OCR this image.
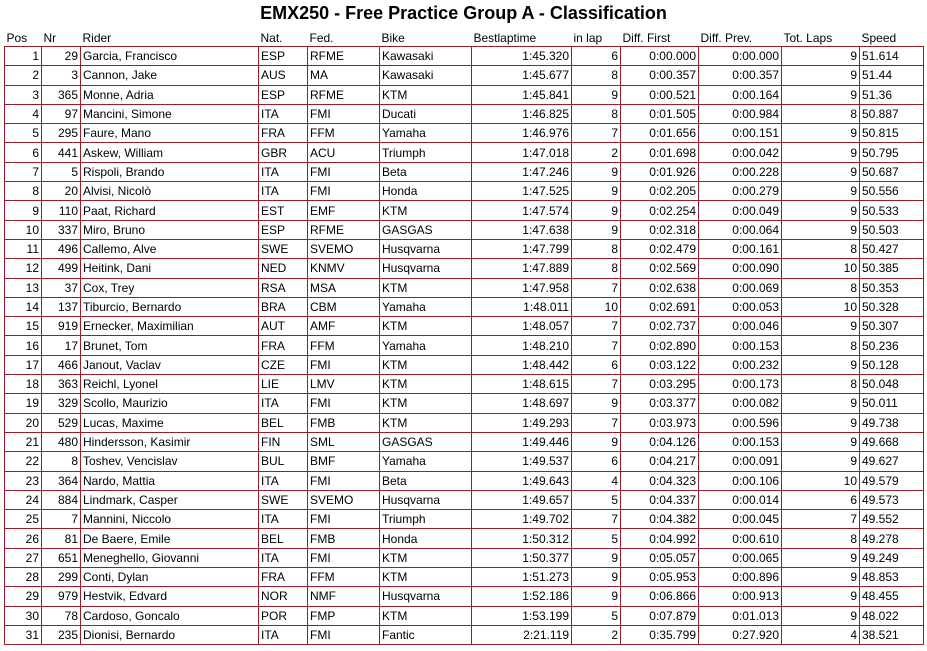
EMX250 - Free Practice Group A - Classification
Pos	Nr	Rider	Nat.	Fed.	Bike	Bestlaptime	in lap	Diff. First	Diff. Prev.	Tot. Laps	Speed
1	29	Garcia, Francisco	ESP	RFME	Kawasaki	1:45.320	6	0:00.000	0:00.000	9	51.614
2	3	Cannon, Jake	AUS	MA	Kawasaki	1:45.677	8	0:00.357	0:00.357	9	51.44
3	365	Monne, Adria	ESP	RFME	KTM	1:45.841	9	0:00.521	0:00.164	9	51.36
4	97	Mancini, Simone	ITA	FMI	Ducati	1:46.825	8	0:01.505	0:00.984	8	50.887
5	295	Faure, Mano	FRA	FFM	Yamaha	1:46.976	7	0:01.656	0:00.151	9	50.815
6	441	Askew, William	GBR	ACU	Triumph	1:47.018	2	0:01.698	0:00.042	9	50.795
7	5	Rispoli, Brando	ITA	FMI	Beta	1:47.246	9	0:01.926	0:00.228	9	50.687
8	20	Alvisi, Nicolò	ITA	FMI	Honda	1:47.525	9	0:02.205	0:00.279	9	50.556
9	110	Paat, Richard	EST	EMF	KTM	1:47.574	9	0:02.254	0:00.049	9	50.533
10	337	Miro, Bruno	ESP	RFME	GASGAS	1:47.638	9	0:02.318	0:00.064	9	50.503
11	496	Callemo, Alve	SWE	SVEMO	Husqvarna	1:47.799	8	0:02.479	0:00.161	8	50.427
12	499	Heitink, Dani	NED	KNMV	Husqvarna	1:47.889	8	0:02.569	0:00.090	10	50.385
13	37	Cox, Trey	RSA	MSA	KTM	1:47.958	7	0:02.638	0:00.069	8	50.353
14	137	Tiburcio, Bernardo	BRA	CBM	Yamaha	1:48.011	10	0:02.691	0:00.053	10	50.328
15	919	Ernecker, Maximilian	AUT	AMF	KTM	1:48.057	7	0:02.737	0:00.046	9	50.307
16	17	Brunet, Tom	FRA	FFM	Yamaha	1:48.210	7	0:02.890	0:00.153	8	50.236
17	466	Janout, Vaclav	CZE	FMI	KTM	1:48.442	6	0:03.122	0:00.232	9	50.128
18	363	Reichl, Lyonel	LIE	LMV	KTM	1:48.615	7	0:03.295	0:00.173	8	50.048
19	329	Scollo, Maurizio	ITA	FMI	KTM	1:48.697	9	0:03.377	0:00.082	9	50.011
20	529	Lucas, Maxime	BEL	FMB	KTM	1:49.293	7	0:03.973	0:00.596	9	49.738
21	480	Hindersson, Kasimir	FIN	SML	GASGAS	1:49.446	9	0:04.126	0:00.153	9	49.668
22	8	Toshev, Vencislav	BUL	BMF	Yamaha	1:49.537	6	0:04.217	0:00.091	9	49.627
23	364	Nardo, Mattia	ITA	FMI	Beta	1:49.643	4	0:04.323	0:00.106	10	49.579
24	884	Lindmark, Casper	SWE	SVEMO	Husqvarna	1:49.657	5	0:04.337	0:00.014	6	49.573
25	7	Mannini, Niccolo	ITA	FMI	Triumph	1:49.702	7	0:04.382	0:00.045	7	49.552
26	81	De Baere, Emile	BEL	FMB	Honda	1:50.312	5	0:04.992	0:00.610	8	49.278
27	651	Meneghello, Giovanni	ITA	FMI	KTM	1:50.377	9	0:05.057	0:00.065	9	49.249
28	299	Conti, Dylan	FRA	FFM	KTM	1:51.273	9	0:05.953	0:00.896	9	48.853
29	979	Hestvik, Edvard	NOR	NMF	Husqvarna	1:52.186	9	0:06.866	0:00.913	9	48.455
30	78	Cardoso, Goncalo	POR	FMP	KTM	1:53.199	5	0:07.879	0:01.013	9	48.022
31	235	Dionisi, Bernardo	ITA	FMI	Fantic	2:21.119	2	0:35.799	0:27.920	4	38.521
